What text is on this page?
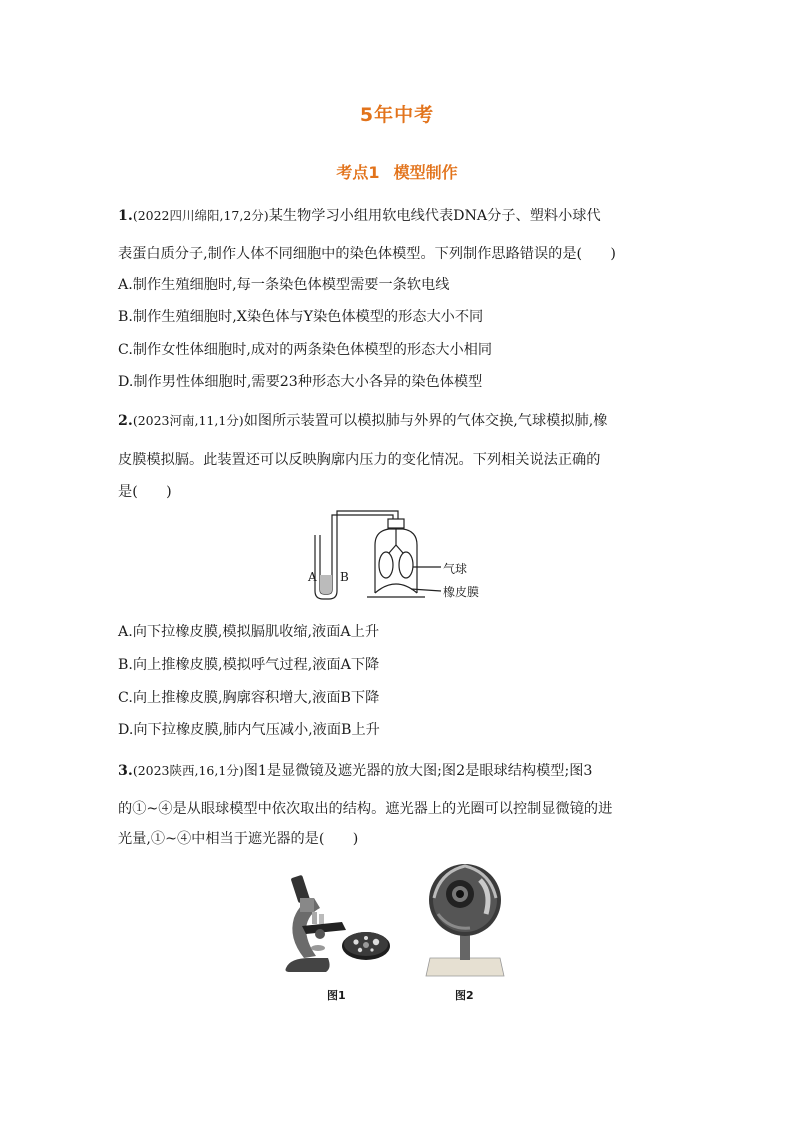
5年中考
考点1 模型制作
1.(2022四川绵阳,17,2分)某生物学习小组用软电线代表DNA分子、塑料小球代
表蛋白质分子,制作人体不同细胞中的染色体模型。下列制作思路错误的是(　　)
A.制作生殖细胞时,每一条染色体模型需要一条软电线
B.制作生殖细胞时,X染色体与Y染色体模型的形态大小不同
C.制作女性体细胞时,成对的两条染色体模型的形态大小相同
D.制作男性体细胞时,需要23种形态大小各异的染色体模型
2.(2023河南,11,1分)如图所示装置可以模拟肺与外界的气体交换,气球模拟肺,橡
皮膜模拟膈。此装置还可以反映胸廓内压力的变化情况。下列相关说法正确的
是(　　)
A B
气球
橡皮膜
A.向下拉橡皮膜,模拟膈肌收缩,液面A上升
B.向上推橡皮膜,模拟呼气过程,液面A下降
C.向上推橡皮膜,胸廓容积增大,液面B下降
D.向下拉橡皮膜,肺内气压减小,液面B上升
3.(2023陕西,16,1分)图1是显微镜及遮光器的放大图;图2是眼球结构模型;图3
的①~④是从眼球模型中依次取出的结构。遮光器上的光圈可以控制显微镜的进
光量,①~④中相当于遮光器的是(　　)
图1	图2
